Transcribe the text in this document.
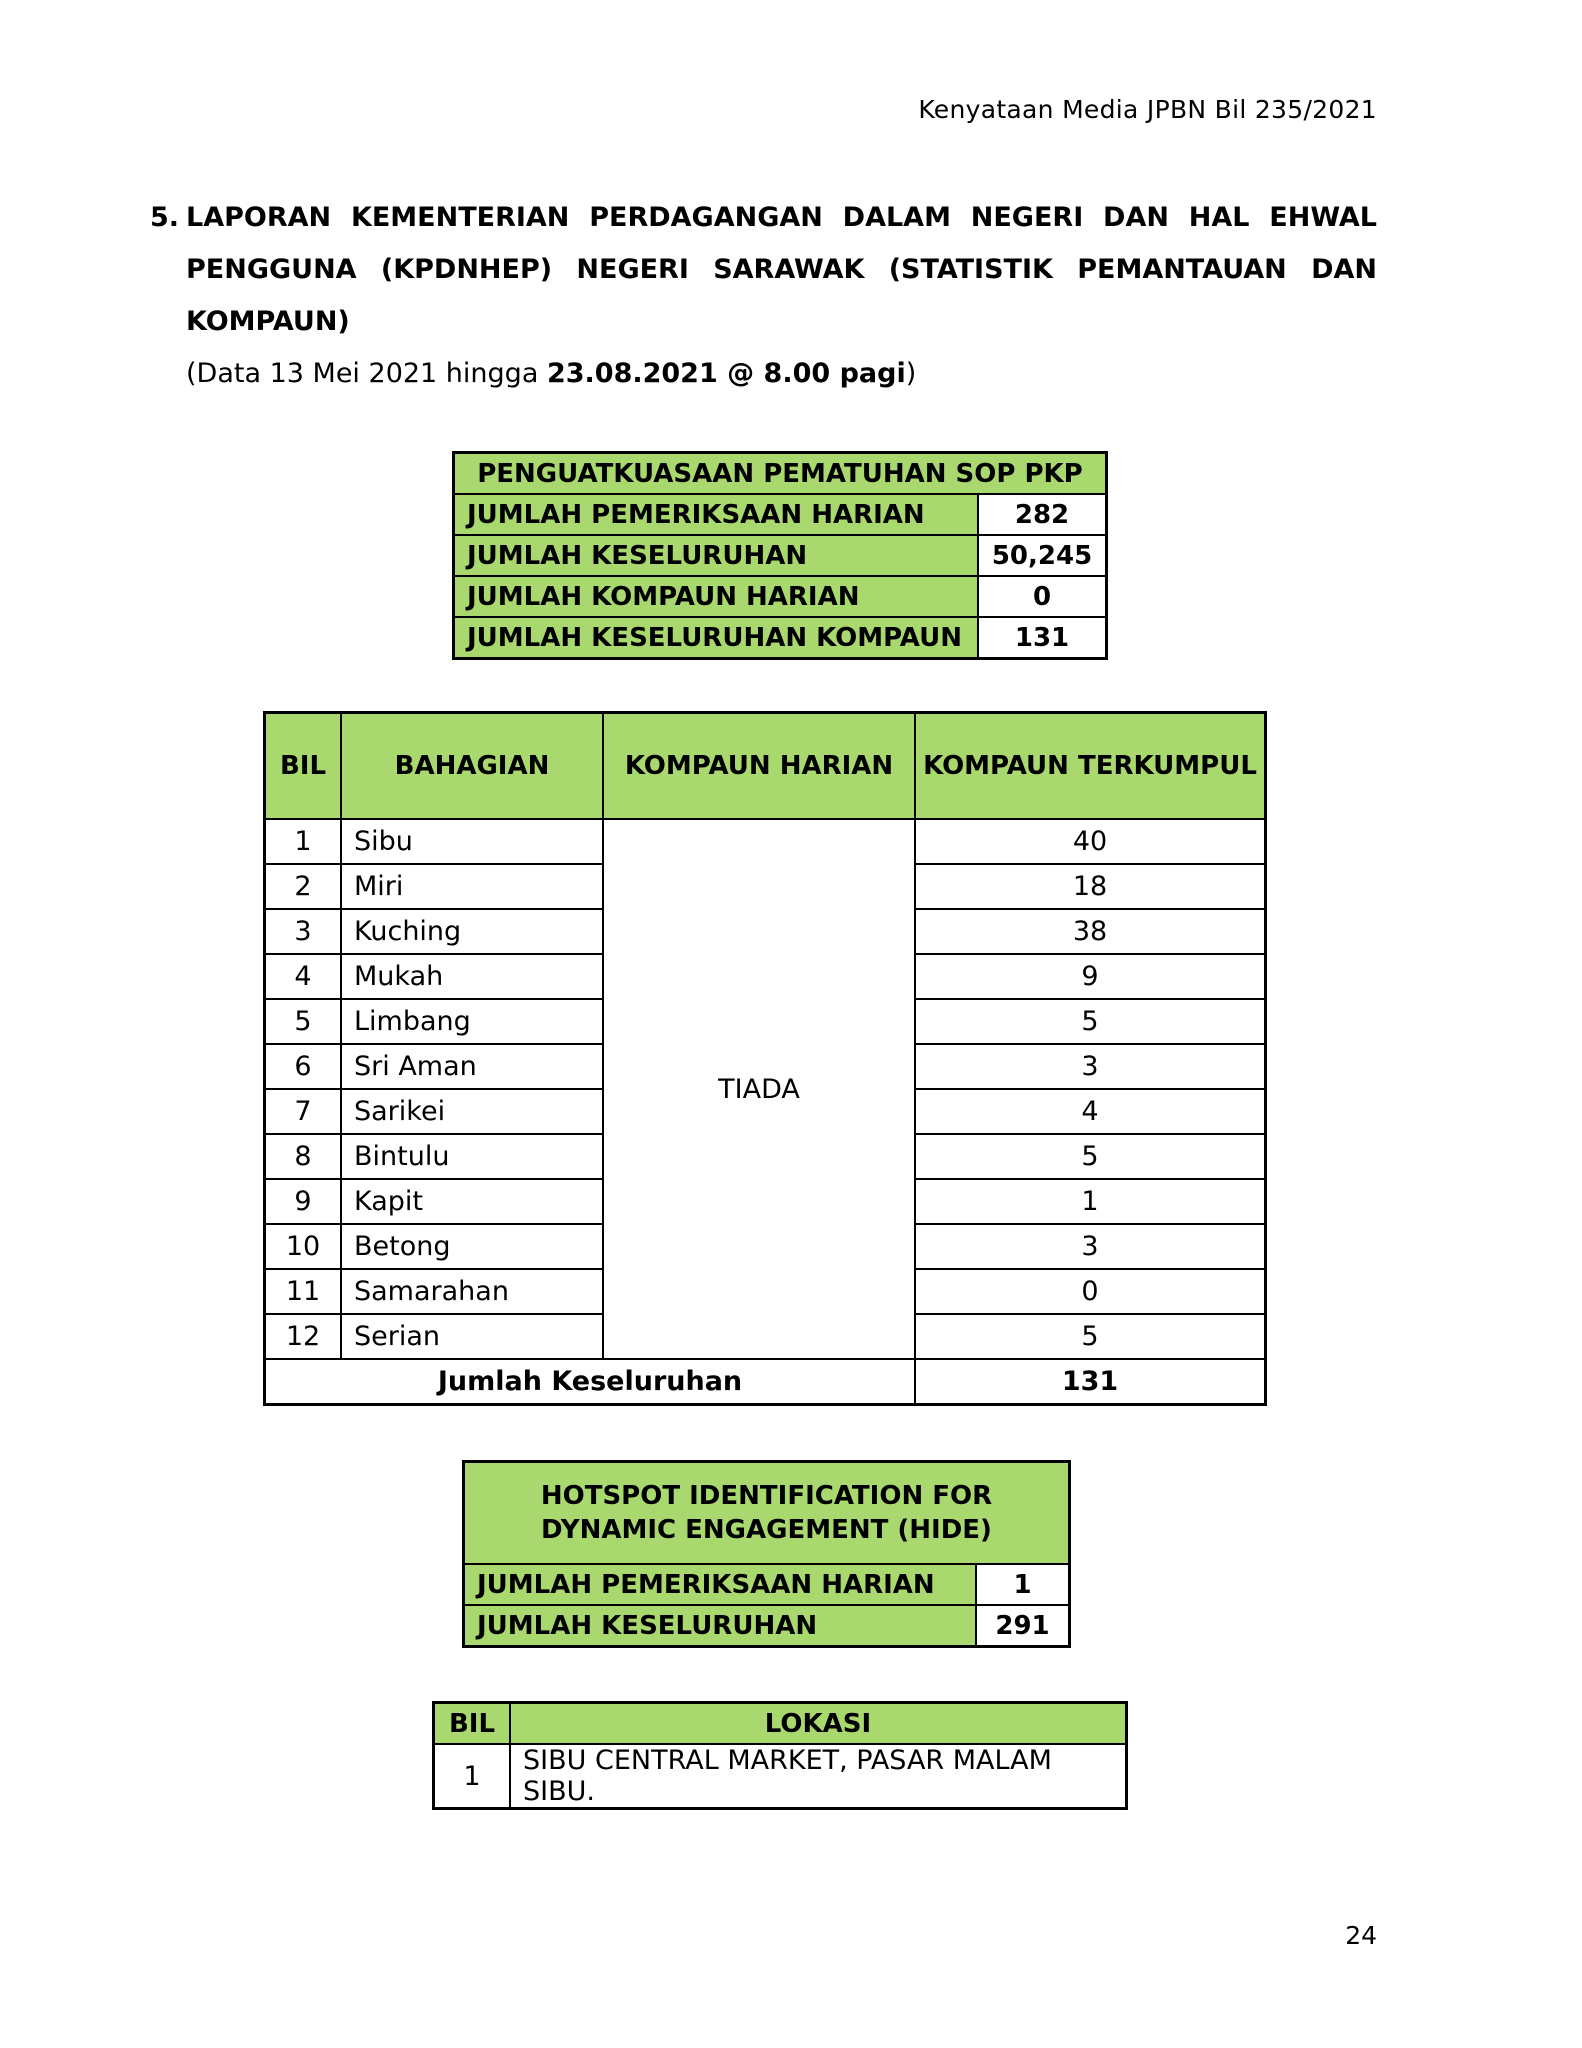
Kenyataan Media JPBN Bil 235/2021
5. LAPORAN KEMENTERIAN PERDAGANGAN DALAM NEGERI DAN HAL EHWAL PENGGUNA (KPDNHEP) NEGERI SARAWAK (STATISTIK PEMANTAUAN DAN KOMPAUN)
(Data 13 Mei 2021 hingga 23.08.2021 @ 8.00 pagi)
PENGUATKUASAAN PEMATUHAN SOP PKP	
JUMLAH PEMERIKSAAN HARIAN	282
JUMLAH KESELURUHAN	50,245
JUMLAH KOMPAUN HARIAN	0
JUMLAH KESELURUHAN KOMPAUN	131
BIL	BAHAGIAN	KOMPAUN HARIAN	KOMPAUN TERKUMPUL
1	Sibu	TIADA	40
2	Miri		18
3	Kuching		38
4	Mukah		9
5	Limbang		5
6	Sri Aman		3
7	Sarikei		4
8	Bintulu		5
9	Kapit		1
10	Betong		3
11	Samarahan		0
12	Serian		5
Jumlah Keseluruhan			131
HOTSPOT IDENTIFICATION FOR
DYNAMIC ENGAGEMENT (HIDE)	
JUMLAH PEMERIKSAAN HARIAN	1
JUMLAH KESELURUHAN	291
BIL	LOKASI
1	SIBU CENTRAL MARKET, PASAR MALAM SIBU.
24
